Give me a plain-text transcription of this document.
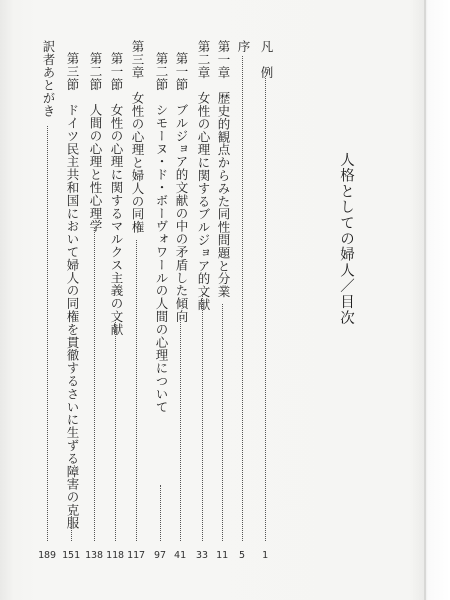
人格としての婦人／目次
凡　例
序
第一章　歴史的観点からみた同性問題と分業
第二章　女性の心理に関するブルジョア的文献
第一節　ブルジョア的文献の中の矛盾した傾向
第二節　シモーヌ・ド・ボーヴォワールの人間の心理について
第三章　女性の心理と婦人の同権
第一節　女性の心理に関するマルクス主義の文献
第二節　人間の心理と性心理学
第三節　ドイツ民主共和国において婦人の同権を貫徹するさいに生ずる障害の克服
訳者あとがき
1
5
11
33
41
97
117
118
138
151
189
